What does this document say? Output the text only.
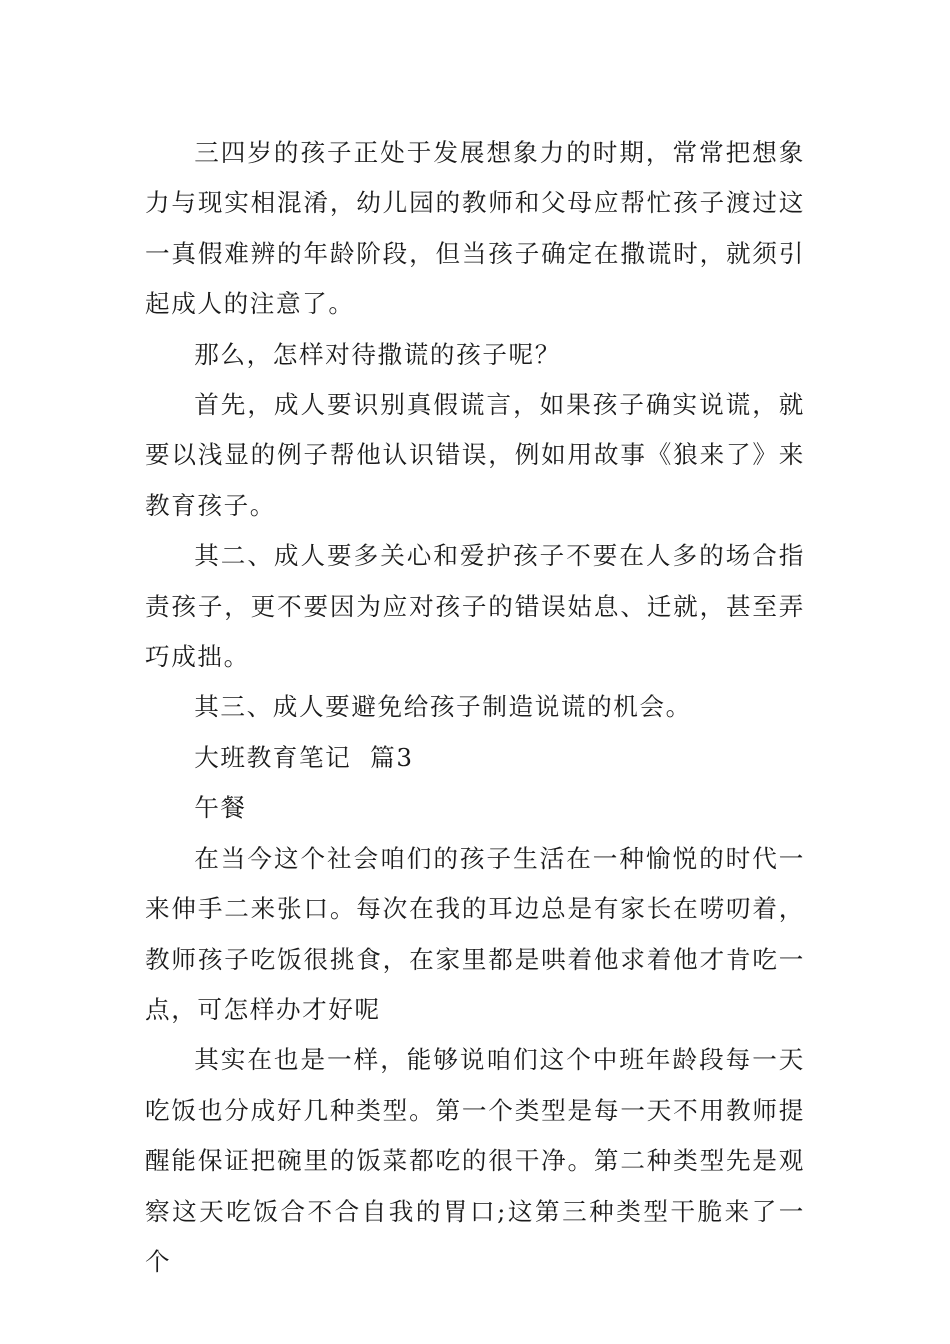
三四岁的孩子正处于发展想象力的时期，常常把想象力与现实相混淆，幼儿园的教师和父母应帮忙孩子渡过这一真假难辨的年龄阶段，但当孩子确定在撒谎时，就须引起成人的注意了。

那么，怎样对待撒谎的孩子呢？

首先，成人要识别真假谎言，如果孩子确实说谎，就要以浅显的例子帮他认识错误，例如用故事《狼来了》来教育孩子。

其二、成人要多关心和爱护孩子不要在人多的场合指责孩子，更不要因为应对孩子的错误姑息、迁就，甚至弄巧成拙。

其三、成人要避免给孩子制造说谎的机会。

大班教育笔记  篇3

午餐

在当今这个社会咱们的孩子生活在一种愉悦的时代一来伸手二来张口。每次在我的耳边总是有家长在唠叨着，教师孩子吃饭很挑食，在家里都是哄着他求着他才肯吃一点，可怎样办才好呢

其实在也是一样，能够说咱们这个中班年龄段每一天吃饭也分成好几种类型。第一个类型是每一天不用教师提醒能保证把碗里的饭菜都吃的很干净。第二种类型先是观察这天吃饭合不合自我的胃口;这第三种类型干脆来了一个
